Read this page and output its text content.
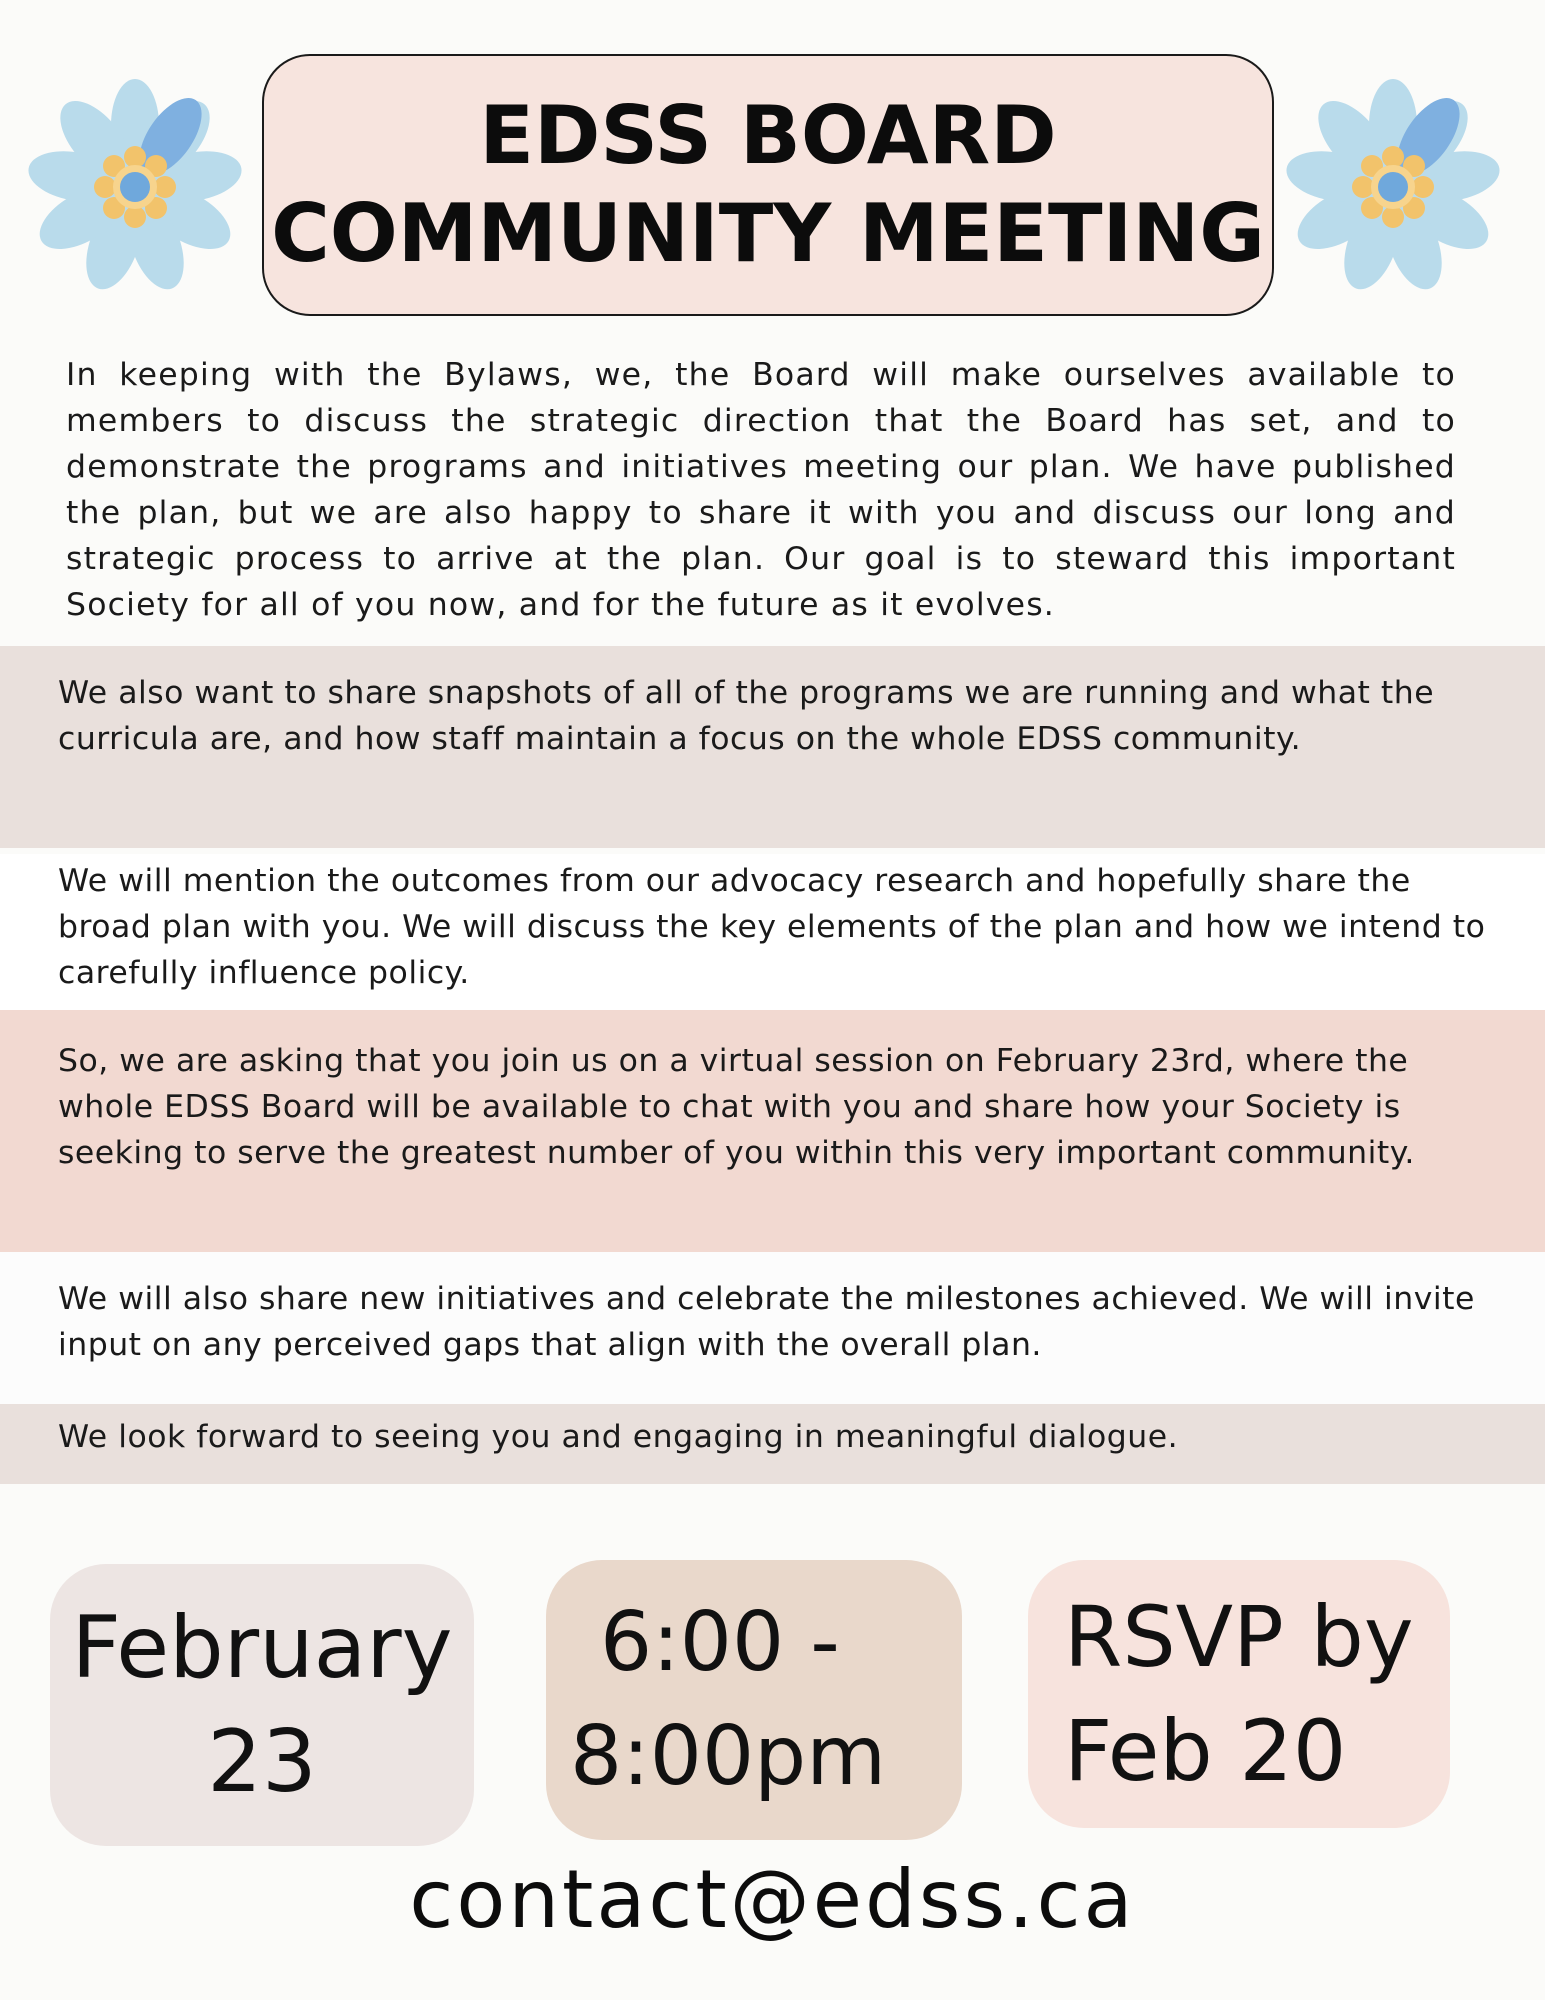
EDSS BOARD
COMMUNITY MEETING

In keeping with the Bylaws, we, the Board will make ourselves available to members to discuss the strategic direction that the Board has set, and to demonstrate the programs and initiatives meeting our plan. We have published the plan, but we are also happy to share it with you and discuss our long and strategic process to arrive at the plan. Our goal is to steward this important Society for all of you now, and for the future as it evolves.

We also want to share snapshots of all of the programs we are running and what the curricula are, and how staff maintain a focus on the whole EDSS community.

We will mention the outcomes from our advocacy research and hopefully share the broad plan with you. We will discuss the key elements of the plan and how we intend to carefully influence policy.

So, we are asking that you join us on a virtual session on February 23rd, where the whole EDSS Board will be available to chat with you and share how your Society is seeking to serve the greatest number of you within this very important community.

We will also share new initiatives and celebrate the milestones achieved. We will invite input on any perceived gaps that align with the overall plan.

We look forward to seeing you and engaging in meaningful dialogue.

February
23
6:00 -
8:00pm
RSVP by
Feb 20
contact@edss.ca
